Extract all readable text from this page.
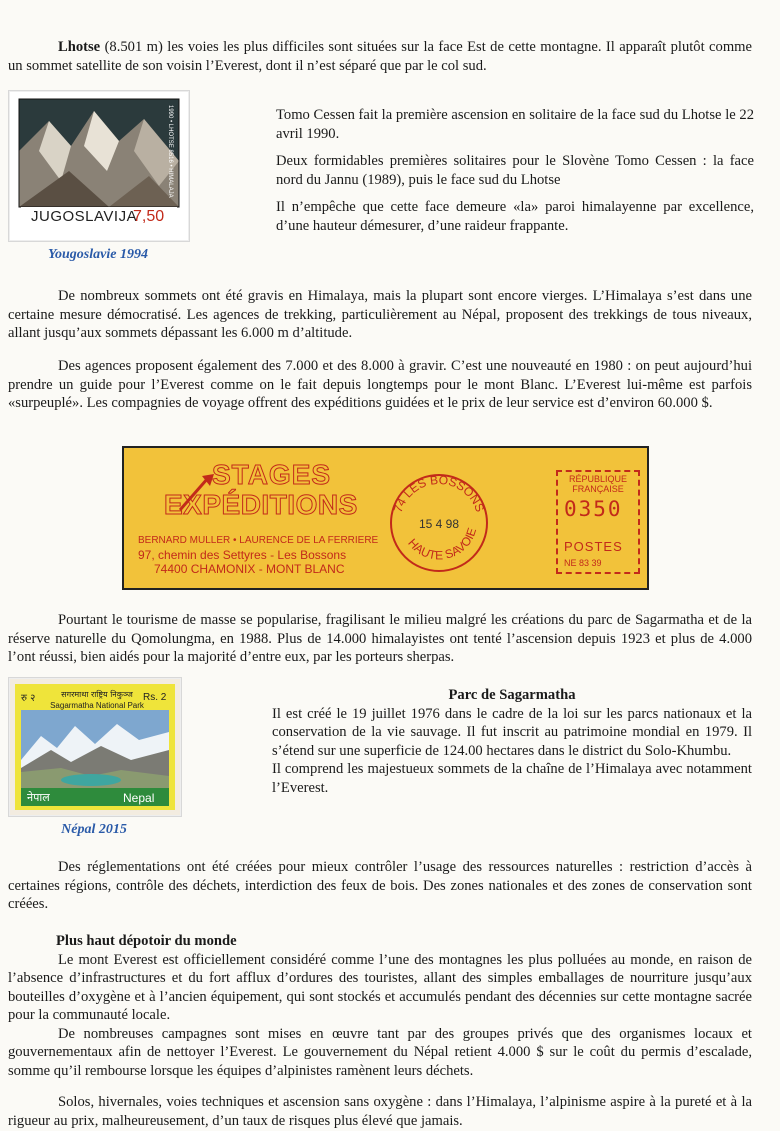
Lhotse (8.501 m) les voies les plus difficiles sont situées sur la face Est de cette montagne. Il apparaît plutôt comme un sommet satellite de son voisin l’Everest, dont il n’est séparé que par le col sud.

1990 • LHOTSE 8516 • HIMALAJA
JUGOSLAVIJA
7,50
Yougoslavie 1994

Tomo Cessen fait la première ascension en solitaire de la face sud du Lhotse le 22 avril 1990.

Deux formidables premières solitaires pour le Slovène Tomo Cessen : la face nord du Jannu (1989), puis le face sud du Lhotse

Il n’empêche que cette face demeure «la» paroi himalayenne par excellence, d’une hauteur démesurer, d’une raideur frappante.

De nombreux sommets ont été gravis en Himalaya, mais la plupart sont encore vierges. L’Himalaya s’est dans une certaine mesure démocratisé. Les agences de trekking, particulièrement au Népal, proposent des trekkings de tous niveaux, allant jusqu’aux sommets dépassant les 6.000 m d’altitude.

Des agences proposent également des 7.000 et des 8.000 à gravir. C’est une nouveauté en 1980 : on peut aujourd’hui prendre un guide pour l’Everest comme on le fait depuis longtemps pour le mont Blanc. L’Everest lui-même est parfois «surpeuplé». Les compagnies de voyage offrent des expéditions guidées et le prix de leur service est d’environ 60.000 $.

STAGES
EXPÉDITIONS
BERNARD MULLER • LAURENCE DE LA FERRIERE
97, chemin des Settyres - Les Bossons
74400 CHAMONIX - MONT BLANC
74 LES BOSSONS
HAUTE SAVOIE
15 4 98
RÉPUBLIQUE FRANÇAISE
0350
POSTES
NE 83 39

Pourtant le tourisme de masse se popularise, fragilisant le milieu malgré les créations du parc de Sagarmatha et de la réserve naturelle du Qomolungma, en 1988. Plus de 14.000 himalayistes ont tenté l’ascension depuis 1923 et plus de 4.000 l’ont réussi, bien aidés pour la majorité d’entre eux, par les porteurs sherpas.

रु २	सगरमाथा राष्ट्रिय निकुञ्ज
Sagarmatha National Park
Rs. 2
नेपाल	Nepal
Népal 2015
Parc de Sagarmatha

Il est créé le 19 juillet 1976 dans le cadre de la loi sur les parcs nationaux et la conservation de la vie sauvage. Il fut inscrit au patrimoine mondial en 1979. Il s’étend sur une superficie de 124.00 hectares dans le district du Solo-Khumbu.

Il comprend les majestueux sommets de la chaîne de l’Himalaya avec notamment l’Everest.

Des réglementations ont été créées pour mieux contrôler l’usage des ressources naturelles : restriction d’accès à certaines régions, contrôle des déchets, interdiction des feux de bois. Des zones nationales et des zones de conservation sont créées.

Plus haut dépotoir du monde

Le mont Everest est officiellement considéré comme l’une des montagnes les plus polluées au monde, en raison de l’absence d’infrastructures et du fort afflux d’ordures des touristes, allant des simples emballages de nourriture jusqu’aux bouteilles d’oxygène et à l’ancien équipement, qui sont stockés et accumulés pendant des décennies sur cette montagne sacrée pour la communauté locale.

De nombreuses campagnes sont mises en œuvre tant par des groupes privés que des organismes locaux et gouvernementaux afin de nettoyer l’Everest. Le gouvernement du Népal retient 4.000 $ sur le coût du permis d’escalade, somme qu’il rembourse lorsque les équipes d’alpinistes ramènent leurs déchets.

Solos, hivernales, voies techniques et ascension sans oxygène : dans l’Himalaya, l’alpinisme aspire à la pureté et à la rigueur au prix, malheureusement, d’un taux de risques plus élevé que jamais.
